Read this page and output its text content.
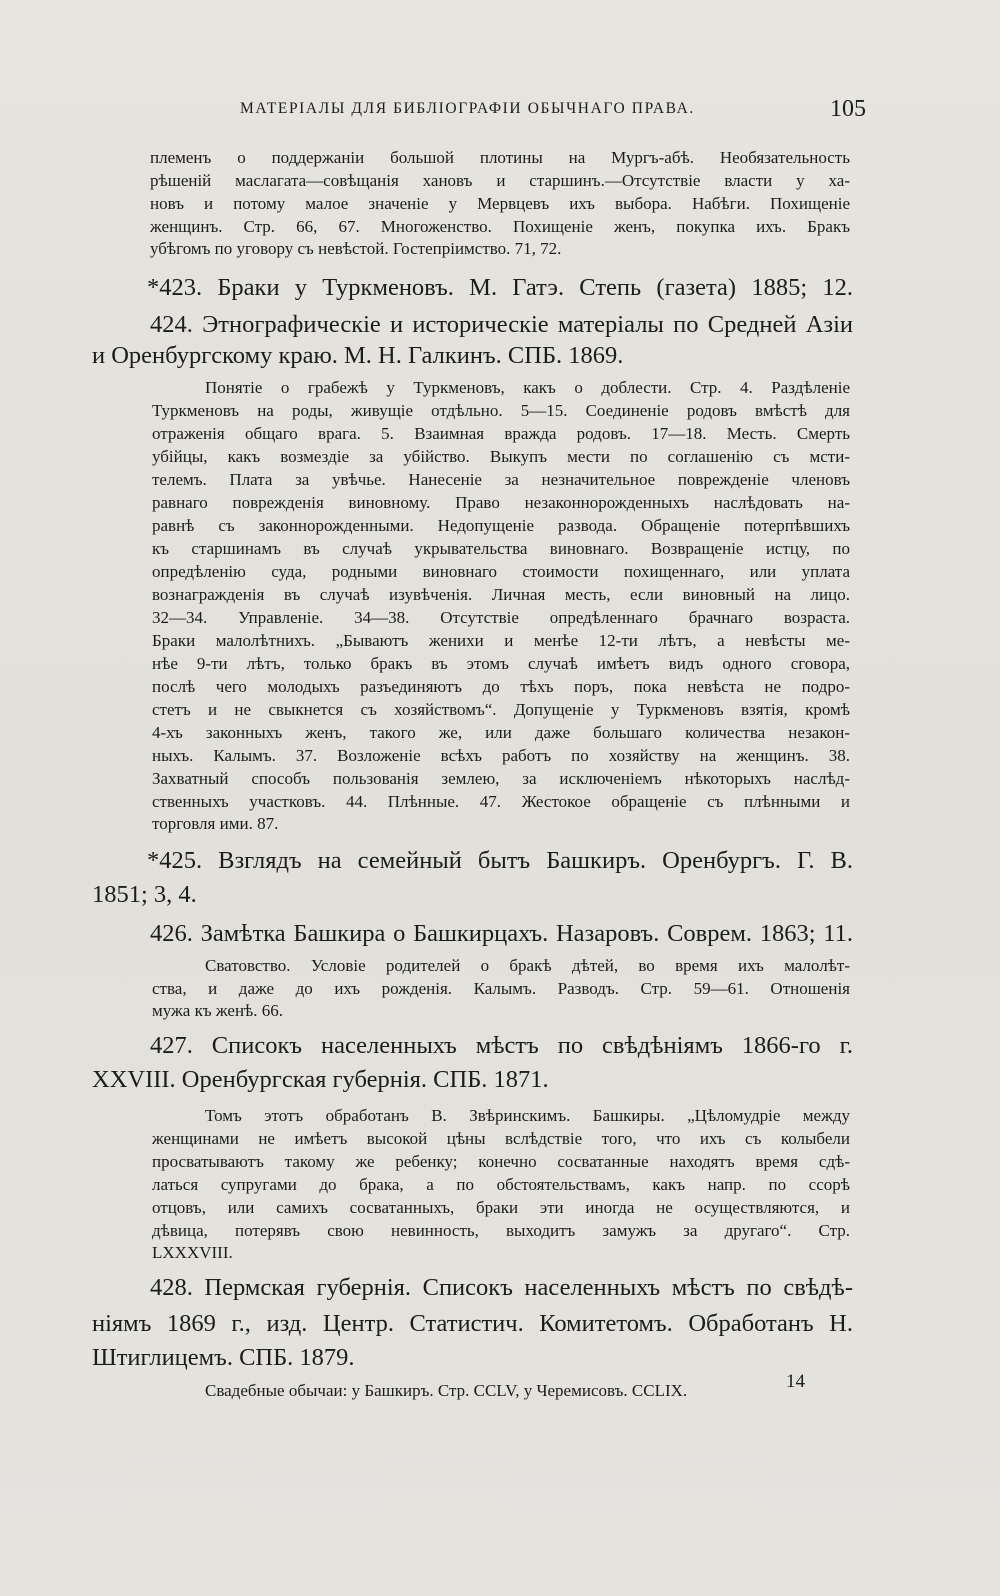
МАТЕРІАЛЫ ДЛЯ БИБЛІОГРАФІИ ОБЫЧНАГО ПРАВА.	105
племенъ о поддержаніи большой плотины на Мургъ-абѣ. Необязательность
рѣшеній маслагата—совѣщанія хановъ и старшинъ.—Отсутствіе власти у ха-
новъ и потому малое значеніе у Мервцевъ ихъ выбора. Набѣги. Похищеніе
женщинъ. Стр. 66, 67. Многоженство. Похищеніе женъ, покупка ихъ. Бракъ
убѣгомъ по уговору съ невѣстой. Гостепріимство. 71, 72.
*423. Браки у Туркменовъ. М. Гатэ. Степь (газета) 1885; 12.
424. Этнографическіе и историческіе матеріалы по Средней Азіи
и Оренбургскому краю. М. Н. Галкинъ. СПБ. 1869.
Понятіе о грабежѣ у Туркменовъ, какъ о доблести. Стр. 4. Раздѣленіе
Туркменовъ на роды, живущіе отдѣльно. 5—15. Соединеніе родовъ вмѣстѣ для
отраженія общаго врага. 5. Взаимная вражда родовъ. 17—18. Месть. Смерть
убійцы, какъ возмездіе за убійство. Выкупъ мести по соглашенію съ мсти-
телемъ. Плата за увѣчье. Нанесеніе за незначительное поврежденіе членовъ
равнаго поврежденія виновному. Право незаконнорожденныхъ наслѣдовать на-
равнѣ съ законнорожденными. Недопущеніе развода. Обращеніе потерпѣвшихъ
къ старшинамъ въ случаѣ укрывательства виновнаго. Возвращеніе истцу, по
опредѣленію суда, родными виновнаго стоимости похищеннаго, или уплата
вознагражденія въ случаѣ изувѣченія. Личная месть, если виновный на лицо.
32—34. Управленіе. 34—38. Отсутствіе опредѣленнаго брачнаго возраста.
Браки малолѣтнихъ. „Бываютъ женихи и менѣе 12-ти лѣтъ, а невѣсты ме-
нѣе 9-ти лѣтъ, только бракъ въ этомъ случаѣ имѣетъ видъ одного сговора,
послѣ чего молодыхъ разъединяютъ до тѣхъ поръ, пока невѣста не подро-
стетъ и не свыкнется съ хозяйствомъ“. Допущеніе у Туркменовъ взятія, кромѣ
4-хъ законныхъ женъ, такого же, или даже большаго количества незакон-
ныхъ. Калымъ. 37. Возложеніе всѣхъ работъ по хозяйству на женщинъ. 38.
Захватный способъ пользованія землею, за исключеніемъ нѣкоторыхъ наслѣд-
ственныхъ участковъ. 44. Плѣнные. 47. Жестокое обращеніе съ плѣнными и
торговля ими. 87.
*425. Взглядъ на семейный бытъ Башкиръ. Оренбургъ. Г. В.
1851; 3, 4.
426. Замѣтка Башкира о Башкирцахъ. Назаровъ. Соврем. 1863; 11.
Сватовство. Условіе родителей о бракѣ дѣтей, во время ихъ малолѣт-
ства, и даже до ихъ рожденія. Калымъ. Разводъ. Стр. 59—61. Отношенія
мужа къ женѣ. 66.
427. Списокъ населенныхъ мѣстъ по свѣдѣніямъ 1866-го г.
XXVIII. Оренбургская губернія. СПБ. 1871.
Томъ этотъ обработанъ В. Звѣринскимъ. Башкиры. „Цѣломудріе между
женщинами не имѣетъ высокой цѣны вслѣдствіе того, что ихъ съ колыбели
просватываютъ такому же ребенку; конечно сосватанные находятъ время сдѣ-
латься супругами до брака, а по обстоятельствамъ, какъ напр. по ссорѣ
отцовъ, или самихъ сосватанныхъ, браки эти иногда не осуществляются, и
дѣвица, потерявъ свою невинность, выходитъ замужъ за другаго“. Стр.
LXXXVIII.
428. Пермская губернія. Списокъ населенныхъ мѣстъ по свѣдѣ-
ніямъ 1869 г., изд. Центр. Статистич. Комитетомъ. Обработанъ Н.
Штиглицемъ. СПБ. 1879.
Свадебные обычаи: у Башкиръ. Стр. CCLV, у Черемисовъ. CCLIX.	14
